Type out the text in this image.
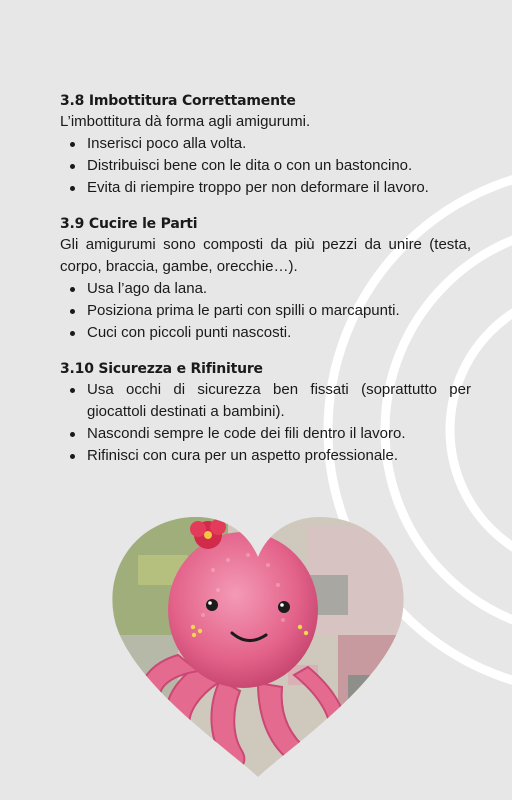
3.8 Imbottitura Correttamente

L’imbottitura dà forma agli amigurumi.

Inserisci poco alla volta.
Distribuisci bene con le dita o con un bastoncino.
Evita di riempire troppo per non deformare il lavoro.
3.9 Cucire le Parti

Gli amigurumi sono composti da più pezzi da unire (testa, corpo, braccia, gambe, orecchie…).

Usa l’ago da lana.
Posiziona prima le parti con spilli o marcapunti.
Cuci con piccoli punti nascosti.
3.10 Sicurezza e Rifiniture
Usa occhi di sicurezza ben fissati (soprattutto per giocattoli destinati a bambini).
Nascondi sempre le code dei fili dentro il lavoro.
Rifinisci con cura per un aspetto professionale.
